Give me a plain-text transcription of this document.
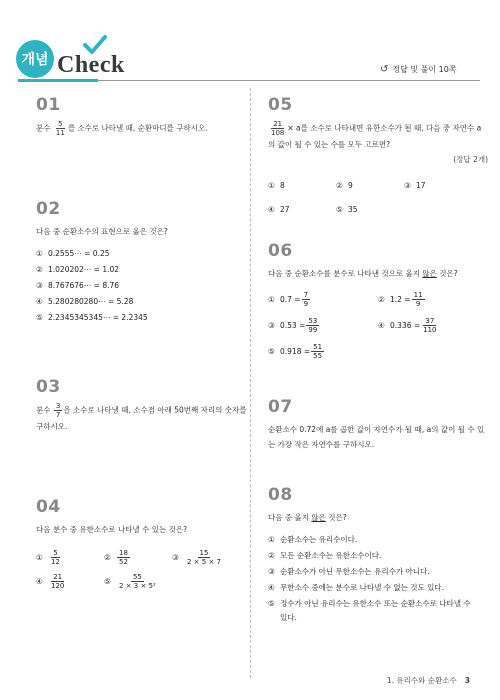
개념 Check	↺ 정답 및 풀이 10쪽
01
분수 $\frac{5}{11}$ 를 소수로 나타낼 때, 순환마디를 구하시오.
02
다음 중 순환소수의 표현으로 옳은 것은?
① 0.2555⋯ = 0.25̇
② 1.020202⋯ = 1.0̇2̇
③ 8.767676⋯ = 8.7̇6̇
④ 5.280280280⋯ = 5.2̇8̇
⑤ 2.2345345345⋯ = 2.23̇45̇
03
분수 $\frac{3}{7}$ 을 소수로 나타낼 때, 소수점 아래 50번째 자리의 숫자를 구하시오.
04
다음 분수 중 유한소수로 나타낼 수 있는 것은?
① $\frac{5}{12}$	② $\frac{18}{52}$	③ $\frac{15}{2 \times 5 \times 7}$
④ $\frac{21}{120}$	⑤ $\frac{55}{\text{2 × 3 × 5²}}$
05
$\frac{21}{108} \times a$를 소수로 나타내면 유한소수가 될 때, 다음 중 자연수 a의 값이 될 수 있는 수를 모두 고르면?
(정답 2개)
① 8	② 9	③ 17
④ 27	⑤ 35
06
다음 중 순환소수를 분수로 나타낸 것으로 옳지 않은 것은?
① 0.7̇ = $\frac{7}{9}$	② 1.2̇ = $\frac{11}{9}$
③ 0.5̇3̇ = $\frac{53}{99}$	④ 0.33̇6̇ = $\frac{37}{110}$
⑤ 0.9̇18̇ = $\frac{51}{55}$
07
순환소수 0.72̇에 a를 곱한 값이 자연수가 될 때, a의 값이 될 수 있는 가장 작은 자연수를 구하시오.
08
다음 중 옳지 않은 것은?
① 순환소수는 유리수이다.
② 모든 순환소수는 유한소수이다.
③ 순환소수가 아닌 무한소수는 유리수가 아니다.
④ 무한소수 중에는 분수로 나타낼 수 없는 것도 있다.
⑤ 정수가 아닌 유리수는 유한소수 또는 순환소수로 나타낼 수 있다.
1. 유리수와 순환소수 3
